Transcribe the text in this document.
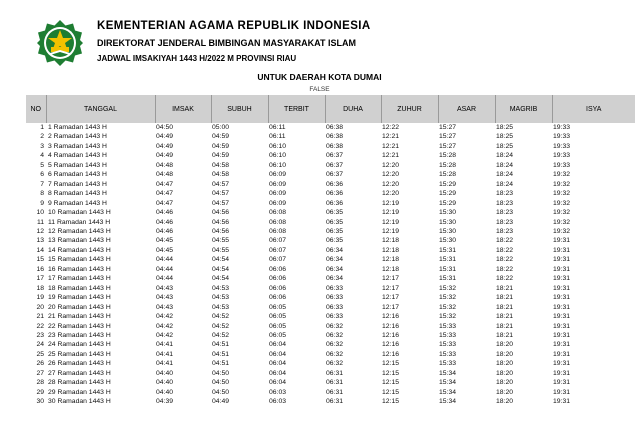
KEMENTERIAN AGAMA REPUBLIK INDONESIA
DIREKTORAT JENDERAL BIMBINGAN MASYARAKAT ISLAM
JADWAL IMSAKIYAH 1443 H/2022 M PROVINSI RIAU
UNTUK DAERAH KOTA DUMAI
FALSE
NO	TANGGAL	IMSAK	SUBUH	TERBIT	DUHA	ZUHUR	ASAR	MAGRIB	ISYA
1	1 Ramadan 1443 H	04:50	05:00	06:11	06:38	12:22	15:27	18:25	19:33
2	2 Ramadan 1443 H	04:49	04:59	06:11	06:38	12:21	15:27	18:25	19:33
3	3 Ramadan 1443 H	04:49	04:59	06:10	06:38	12:21	15:27	18:25	19:33
4	4 Ramadan 1443 H	04:49	04:59	06:10	06:37	12:21	15:28	18:24	19:33
5	5 Ramadan 1443 H	04:48	04:58	06:10	06:37	12:20	15:28	18:24	19:33
6	6 Ramadan 1443 H	04:48	04:58	06:09	06:37	12:20	15:28	18:24	19:32
7	7 Ramadan 1443 H	04:47	04:57	06:09	06:36	12:20	15:29	18:24	19:32
8	8 Ramadan 1443 H	04:47	04:57	06:09	06:36	12:20	15:29	18:23	19:32
9	9 Ramadan 1443 H	04:47	04:57	06:09	06:36	12:19	15:29	18:23	19:32
10	10 Ramadan 1443 H	04:46	04:56	06:08	06:35	12:19	15:30	18:23	19:32
11	11 Ramadan 1443 H	04:46	04:56	06:08	06:35	12:19	15:30	18:23	19:32
12	12 Ramadan 1443 H	04:46	04:56	06:08	06:35	12:19	15:30	18:23	19:32
13	13 Ramadan 1443 H	04:45	04:55	06:07	06:35	12:18	15:30	18:22	19:31
14	14 Ramadan 1443 H	04:45	04:55	06:07	06:34	12:18	15:31	18:22	19:31
15	15 Ramadan 1443 H	04:44	04:54	06:07	06:34	12:18	15:31	18:22	19:31
16	16 Ramadan 1443 H	04:44	04:54	06:06	06:34	12:18	15:31	18:22	19:31
17	17 Ramadan 1443 H	04:44	04:54	06:06	06:34	12:17	15:31	18:22	19:31
18	18 Ramadan 1443 H	04:43	04:53	06:06	06:33	12:17	15:32	18:21	19:31
19	19 Ramadan 1443 H	04:43	04:53	06:06	06:33	12:17	15:32	18:21	19:31
20	20 Ramadan 1443 H	04:43	04:53	06:05	06:33	12:17	15:32	18:21	19:31
21	21 Ramadan 1443 H	04:42	04:52	06:05	06:33	12:16	15:32	18:21	19:31
22	22 Ramadan 1443 H	04:42	04:52	06:05	06:32	12:16	15:33	18:21	19:31
23	23 Ramadan 1443 H	04:42	04:52	06:05	06:32	12:16	15:33	18:21	19:31
24	24 Ramadan 1443 H	04:41	04:51	06:04	06:32	12:16	15:33	18:20	19:31
25	25 Ramadan 1443 H	04:41	04:51	06:04	06:32	12:16	15:33	18:20	19:31
26	26 Ramadan 1443 H	04:41	04:51	06:04	06:32	12:15	15:33	18:20	19:31
27	27 Ramadan 1443 H	04:40	04:50	06:04	06:31	12:15	15:34	18:20	19:31
28	28 Ramadan 1443 H	04:40	04:50	06:04	06:31	12:15	15:34	18:20	19:31
29	29 Ramadan 1443 H	04:40	04:50	06:03	06:31	12:15	15:34	18:20	19:31
30	30 Ramadan 1443 H	04:39	04:49	06:03	06:31	12:15	15:34	18:20	19:31
